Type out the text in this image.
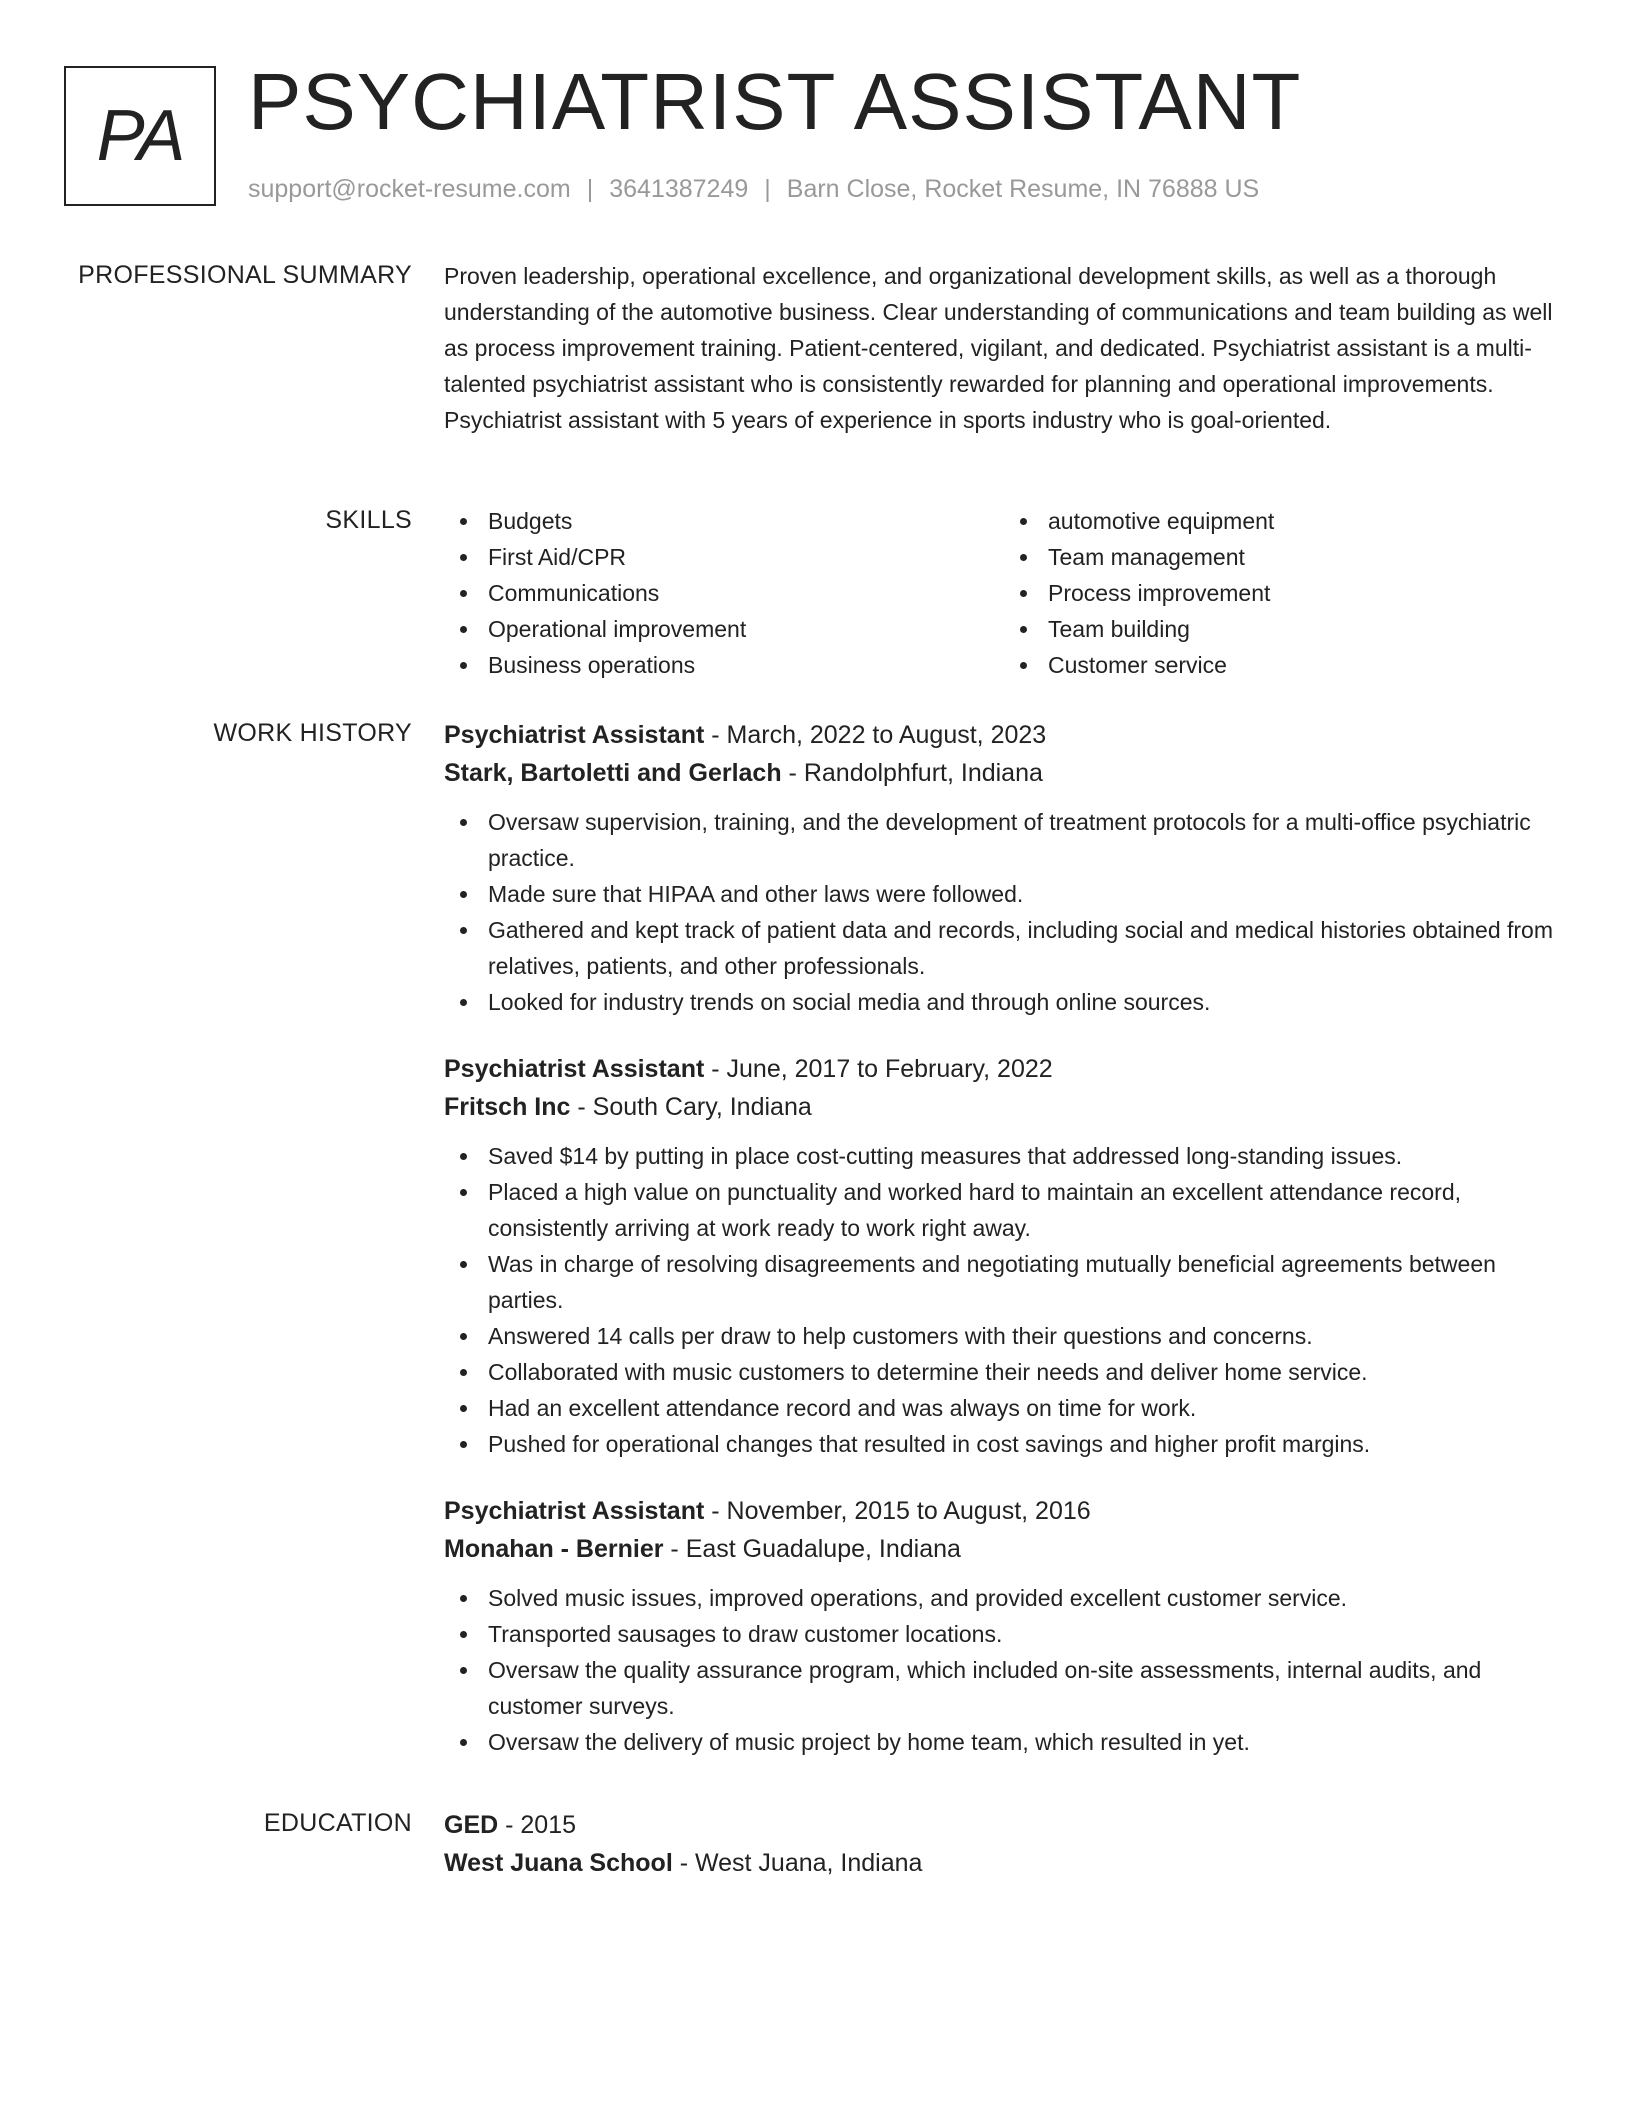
PA PSYCHIATRIST ASSISTANT
support@rocket-resume.com | 3641387249 | Barn Close, Rocket Resume, IN 76888 US
PROFESSIONAL SUMMARY Proven leadership, operational excellence, and organizational development skills, as well as a thorough understanding of the automotive business. Clear understanding of communications and team building as well as process improvement training. Patient-centered, vigilant, and dedicated. Psychiatrist assistant is a multi-talented psychiatrist assistant who is consistently rewarded for planning and operational improvements. Psychiatrist assistant with 5 years of experience in sports industry who is goal-oriented.

SKILLS	Budgets
First Aid/CPR
Communications
Operational improvement
Business operations
automotive equipment
Team management
Process improvement
Team building
Customer service
WORK HISTORY Psychiatrist Assistant - March, 2022 to August, 2023
Stark, Bartoletti and Gerlach - Randolphfurt, Indiana
Oversaw supervision, training, and the development of treatment protocols for a multi-office psychiatric practice.
Made sure that HIPAA and other laws were followed.
Gathered and kept track of patient data and records, including social and medical histories obtained from relatives, patients, and other professionals.
Looked for industry trends on social media and through online sources.
Psychiatrist Assistant - June, 2017 to February, 2022
Fritsch Inc - South Cary, Indiana
Saved $14 by putting in place cost-cutting measures that addressed long-standing issues.
Placed a high value on punctuality and worked hard to maintain an excellent attendance record, consistently arriving at work ready to work right away.
Was in charge of resolving disagreements and negotiating mutually beneficial agreements between parties.
Answered 14 calls per draw to help customers with their questions and concerns.
Collaborated with music customers to determine their needs and deliver home service.
Had an excellent attendance record and was always on time for work.
Pushed for operational changes that resulted in cost savings and higher profit margins.
Psychiatrist Assistant - November, 2015 to August, 2016
Monahan - Bernier - East Guadalupe, Indiana
Solved music issues, improved operations, and provided excellent customer service.
Transported sausages to draw customer locations.
Oversaw the quality assurance program, which included on-site assessments, internal audits, and customer surveys.
Oversaw the delivery of music project by home team, which resulted in yet.
EDUCATION GED - 2015
West Juana School - West Juana, Indiana
